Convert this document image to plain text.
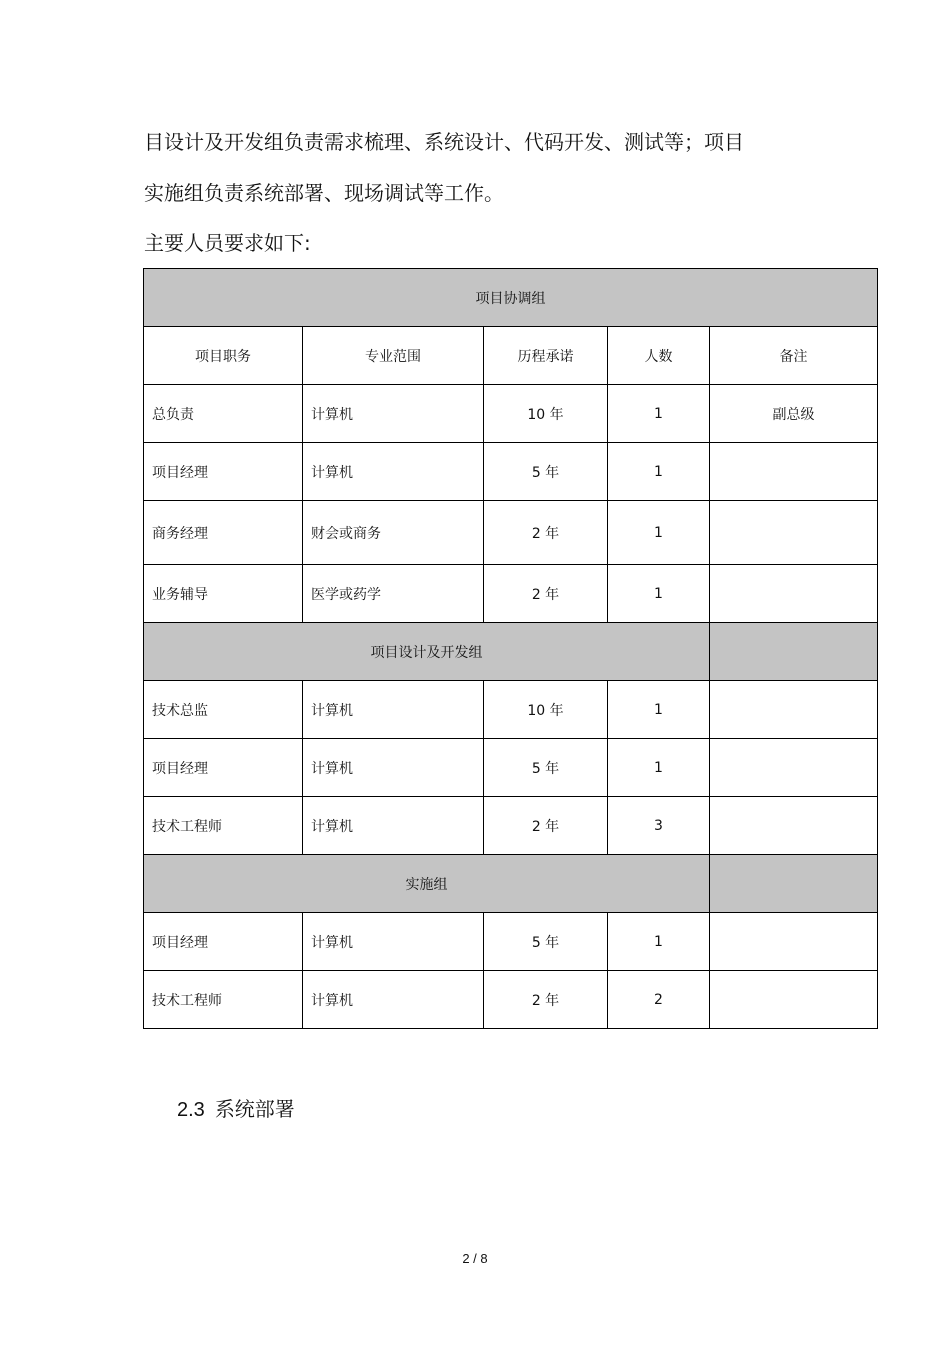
目设计及开发组负责需求梳理、系统设计、代码开发、测试等；项目

实施组负责系统部署、现场调试等工作。

主要人员要求如下:

项目协调组				
项目职务	专业范围	历程承诺	人数	备注
总负责	计算机	10 年	1	副总级
项目经理	计算机	5 年	1	
商务经理	财会或商务	2 年	1	
业务辅导	医学或药学	2 年	1	
项目设计及开发组				
技术总监	计算机	10 年	1	
项目经理	计算机	5 年	1	
技术工程师	计算机	2 年	3	
实施组				
项目经理	计算机	5 年	1	
技术工程师	计算机	2 年	2	
2.3 系统部署
2 / 8
